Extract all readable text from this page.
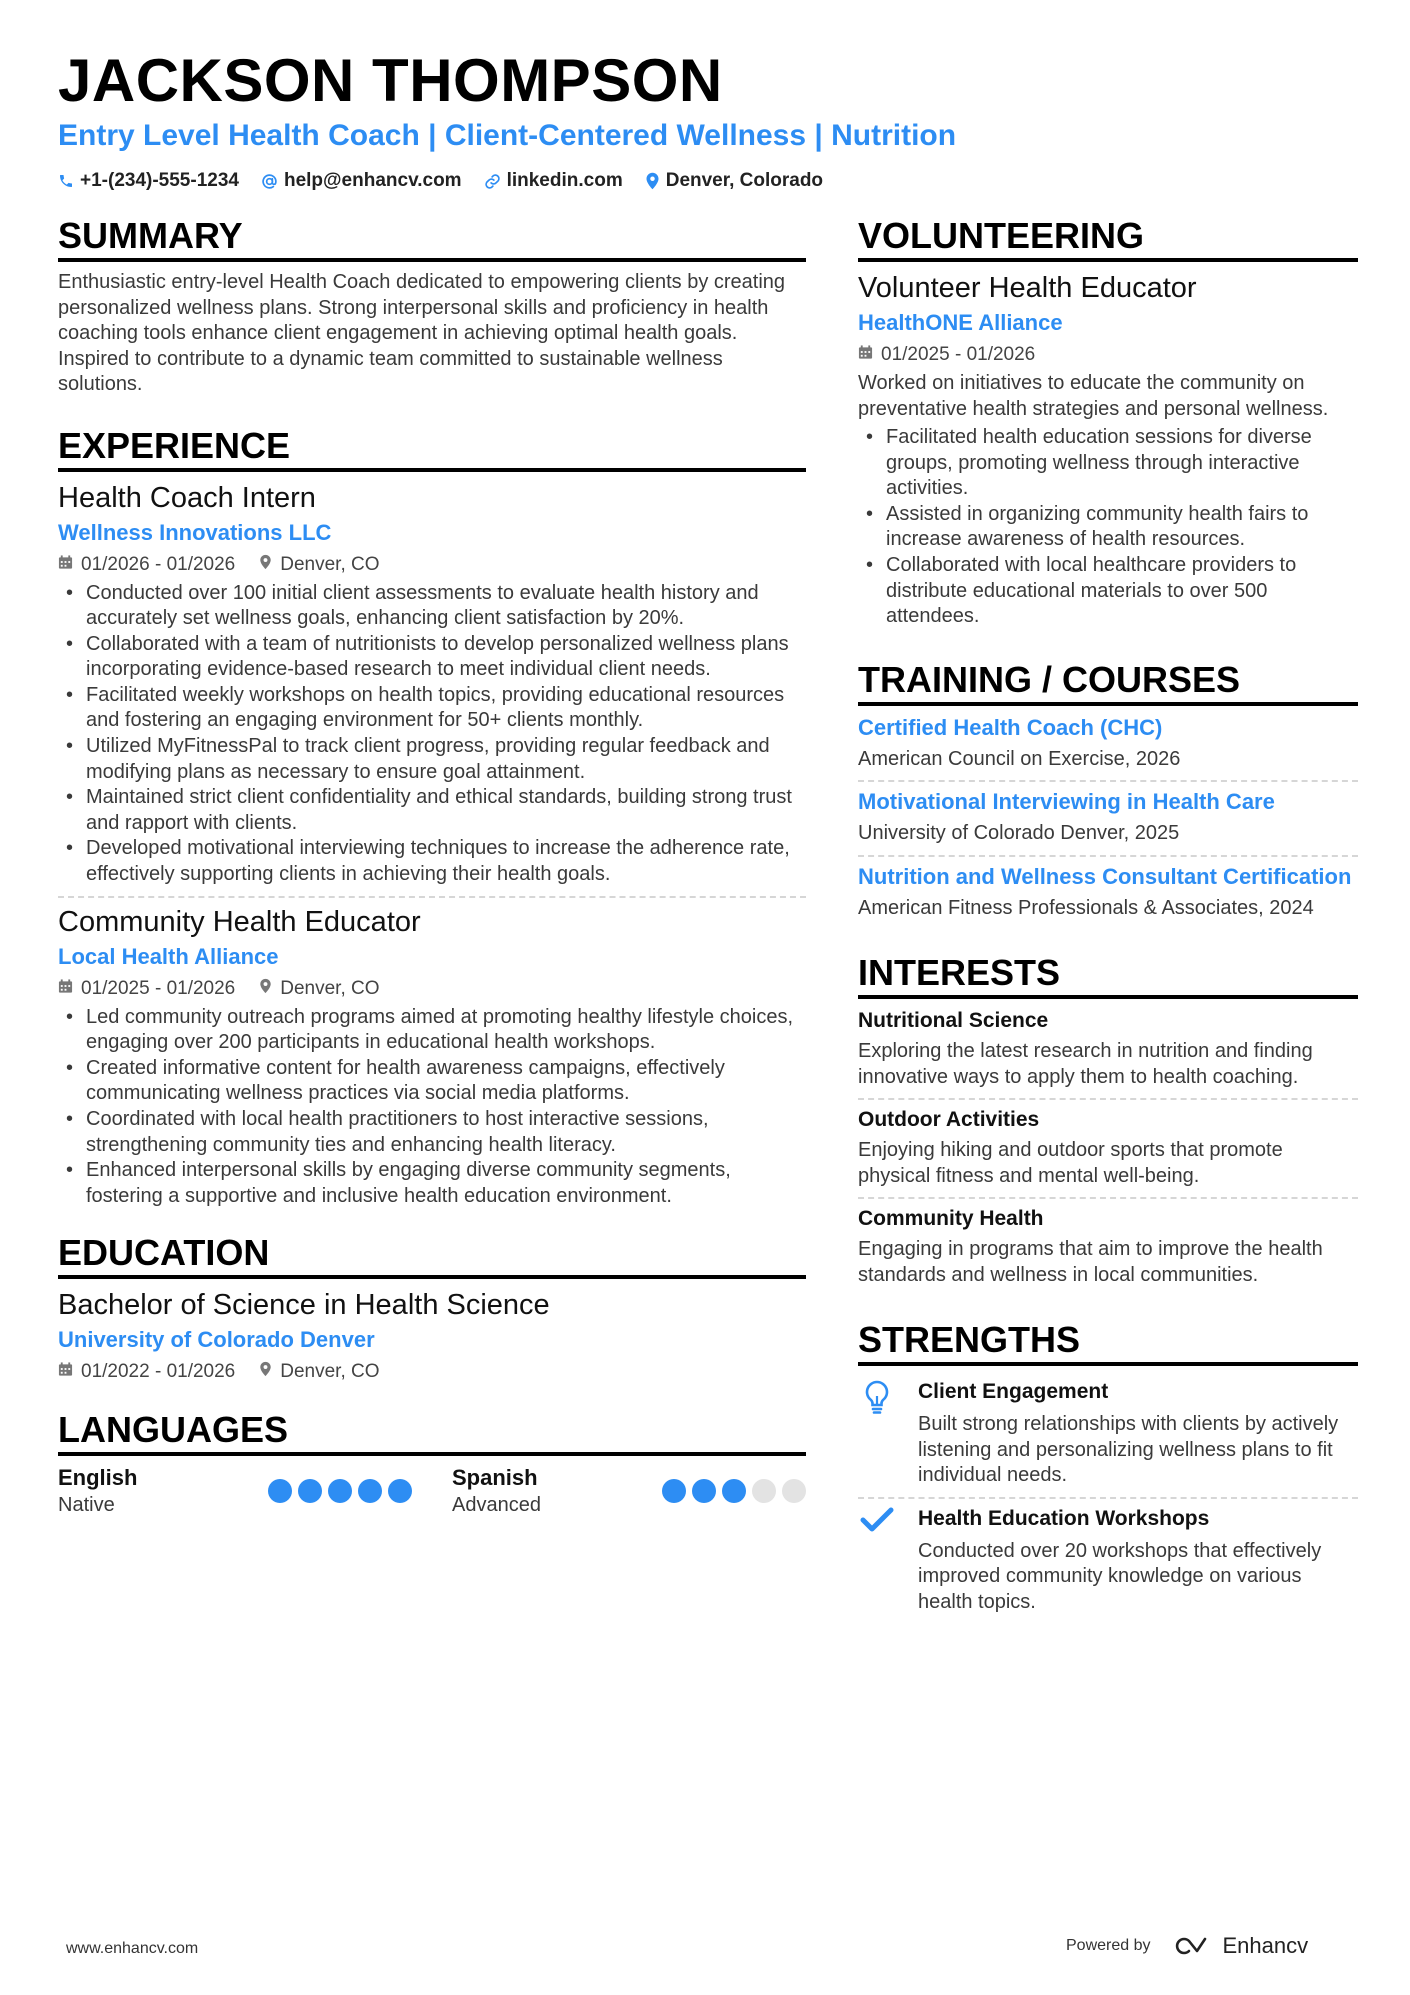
JACKSON THOMPSON
Entry Level Health Coach | Client-Centered Wellness | Nutrition
+1-(234)-555-1234 help@enhancv.com linkedin.com Denver, Colorado
SUMMARY
Enthusiastic entry-level Health Coach dedicated to empowering clients by creating personalized wellness plans. Strong interpersonal skills and proficiency in health coaching tools enhance client engagement in achieving optimal health goals. Inspired to contribute to a dynamic team committed to sustainable wellness solutions.
EXPERIENCE
Health Coach Intern
Wellness Innovations LLC
01/2026 - 01/2026 Denver, CO
• Conducted over 100 initial client assessments to evaluate health history and accurately set wellness goals, enhancing client satisfaction by 20%.
• Collaborated with a team of nutritionists to develop personalized wellness plans incorporating evidence-based research to meet individual client needs.
• Facilitated weekly workshops on health topics, providing educational resources and fostering an engaging environment for 50+ clients monthly.
• Utilized MyFitnessPal to track client progress, providing regular feedback and modifying plans as necessary to ensure goal attainment.
• Maintained strict client confidentiality and ethical standards, building strong trust and rapport with clients.
• Developed motivational interviewing techniques to increase the adherence rate, effectively supporting clients in achieving their health goals.
Community Health Educator
Local Health Alliance
01/2025 - 01/2026 Denver, CO
• Led community outreach programs aimed at promoting healthy lifestyle choices, engaging over 200 participants in educational health workshops.
• Created informative content for health awareness campaigns, effectively communicating wellness practices via social media platforms.
• Coordinated with local health practitioners to host interactive sessions, strengthening community ties and enhancing health literacy.
• Enhanced interpersonal skills by engaging diverse community segments, fostering a supportive and inclusive health education environment.
EDUCATION
Bachelor of Science in Health Science
University of Colorado Denver
01/2022 - 01/2026 Denver, CO
LANGUAGES
English
Native
Spanish
Advanced
VOLUNTEERING
Volunteer Health Educator
HealthONE Alliance
01/2025 - 01/2026
Worked on initiatives to educate the community on preventative health strategies and personal wellness.
• Facilitated health education sessions for diverse groups, promoting wellness through interactive activities.
• Assisted in organizing community health fairs to increase awareness of health resources.
• Collaborated with local healthcare providers to distribute educational materials to over 500 attendees.
TRAINING / COURSES
Certified Health Coach (CHC)
American Council on Exercise, 2026
Motivational Interviewing in Health Care
University of Colorado Denver, 2025
Nutrition and Wellness Consultant Certification
American Fitness Professionals & Associates, 2024
INTERESTS
Nutritional Science
Exploring the latest research in nutrition and finding innovative ways to apply them to health coaching.
Outdoor Activities
Enjoying hiking and outdoor sports that promote physical fitness and mental well-being.
Community Health
Engaging in programs that aim to improve the health standards and wellness in local communities.
STRENGTHS
Client Engagement
Built strong relationships with clients by actively listening and personalizing wellness plans to fit individual needs.
Health Education Workshops
Conducted over 20 workshops that effectively improved community knowledge on various health topics.
www.enhancv.com	Powered by	Enhancv
